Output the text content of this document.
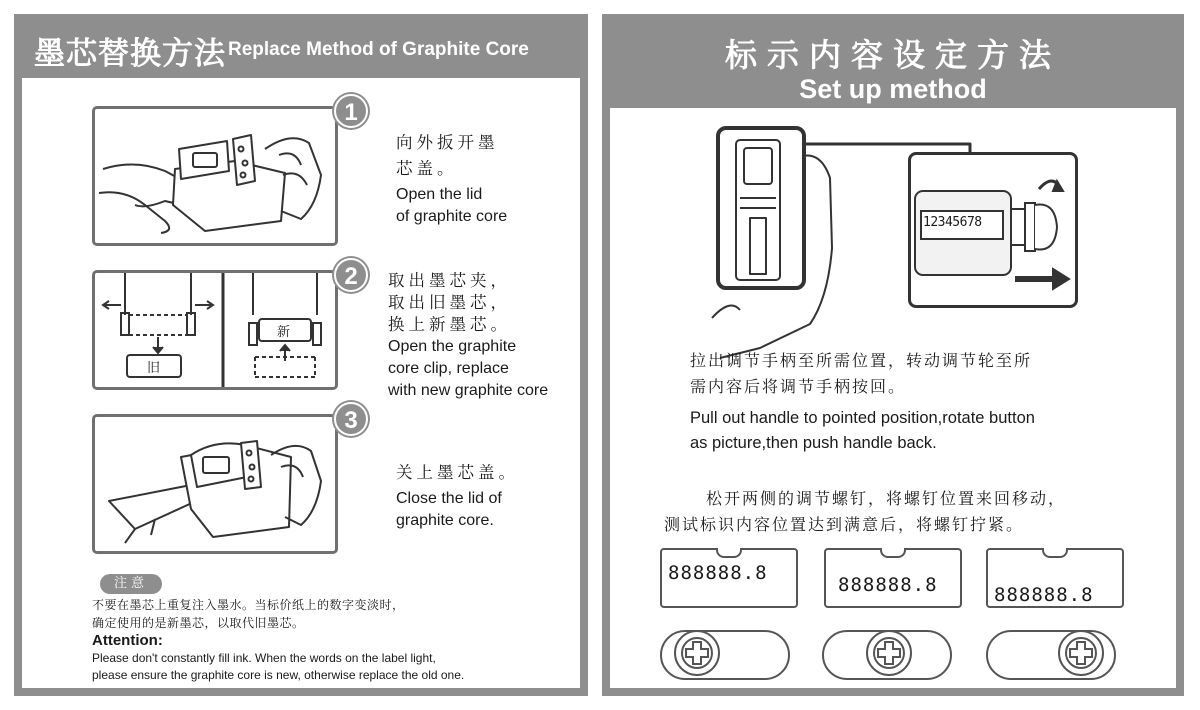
墨芯替换方法 Replace Method of Graphite Core
1
向外扳开墨
芯盖。
Open the lid
of graphite core
旧
新
2	取出墨芯夹，
取出旧墨芯，
换上新墨芯。
Open the graphite
core clip, replace
with new graphite core
3
关上墨芯盖。
Close the lid of
graphite core.
注意
不要在墨芯上重复注入墨水。当标价纸上的数字变淡时，
确定使用的是新墨芯，以取代旧墨芯。
Attention:
Please don't constantly fill ink. When the words on the label light,
please ensure the graphite core is new, otherwise replace the old one.
标示内容设定方法
Set up method
12345678
拉出调节手柄至所需位置，转动调节轮至所
需内容后将调节手柄按回。
Pull out handle to pointed position,rotate button
as picture,then push handle back.
松开两侧的调节螺钉，将螺钉位置来回移动，
测试标识内容位置达到满意后，将螺钉拧紧。
888888.8
888888.8	888888.8
